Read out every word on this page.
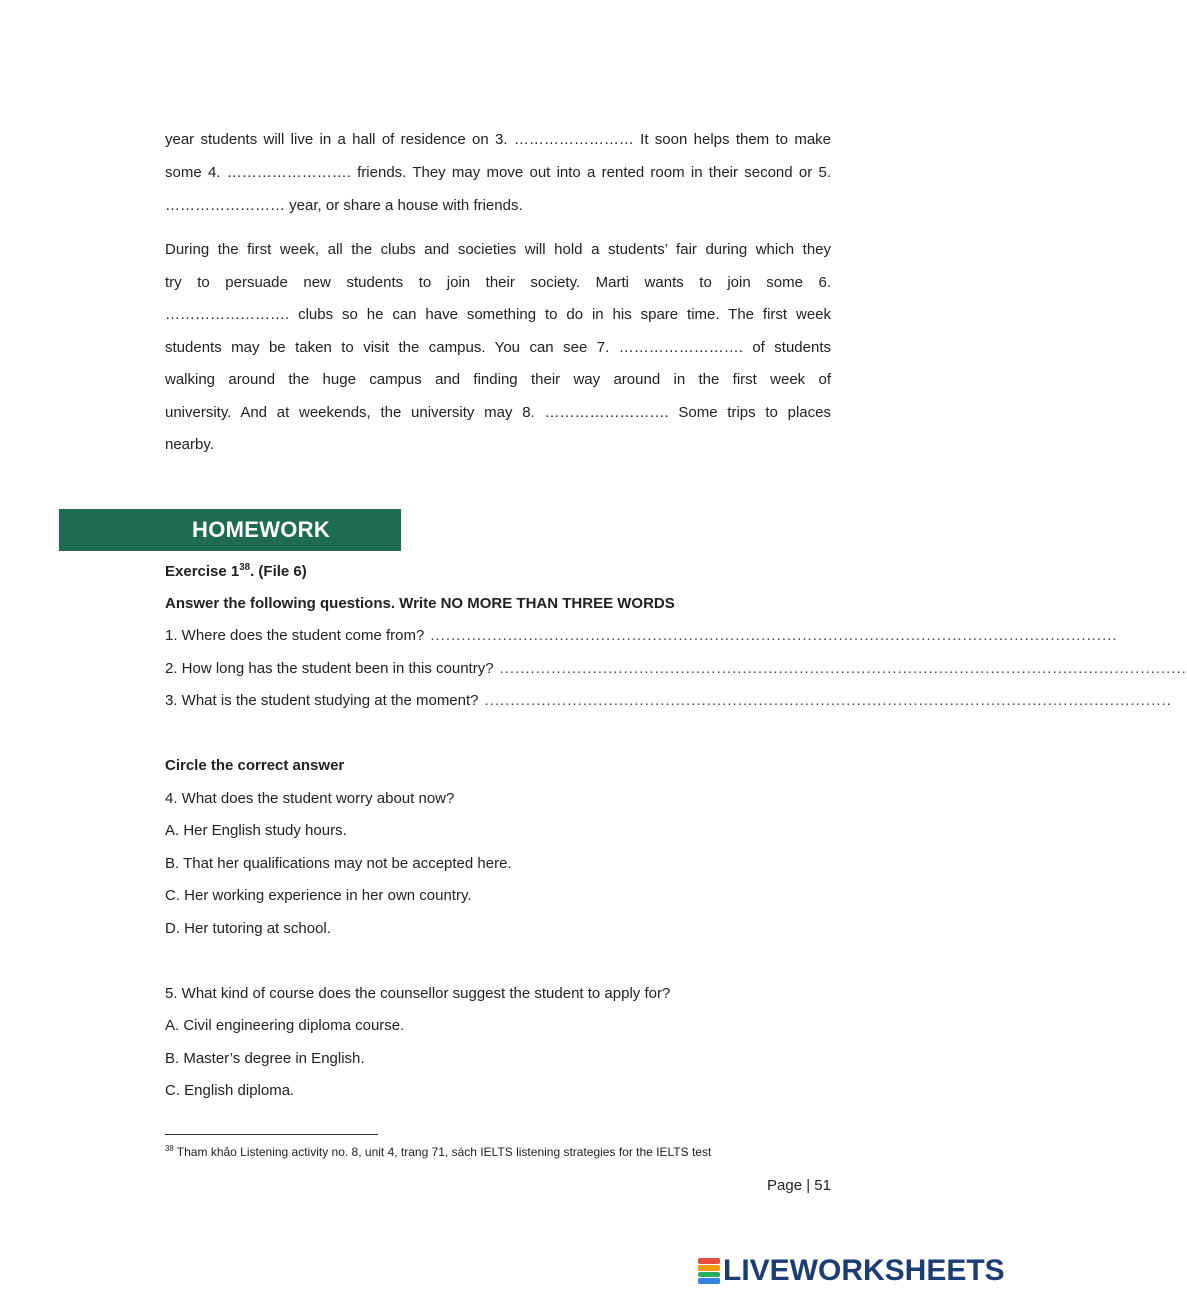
year students will live in a hall of residence on 3. …………………… It soon helps them to make
some 4. ……………………. friends. They may move out into a rented room in their second or 5.
…………………… year, or share a house with friends.
During the first week, all the clubs and societies will hold a students’ fair during which they
try to persuade new students to join their society. Marti wants to join some 6.
……………………. clubs so he can have something to do in his spare time. The first week
students may be taken to visit the campus. You can see 7. ……………………. of students
walking around the huge campus and finding their way around in the first week of
university. And at weekends, the university may 8. ……………………. Some trips to places
nearby.
HOMEWORK
Exercise $1^{38}$. (File 6)
Answer the following questions. Write NO MORE THAN THREE WORDS
1. Where does the student come from? .....................................................................................................................................
2. How long has the student been in this country? .....................................................................................................................................
3. What is the student studying at the moment? .....................................................................................................................................
Circle the correct answer
4. What does the student worry about now?
A. Her English study hours.
B. That her qualifications may not be accepted here.
C. Her working experience in her own country.
D. Her tutoring at school.
5. What kind of course does the counsellor suggest the student to apply for?
A. Civil engineering diploma course.
B. Master’s degree in English.
C. English diploma.
$^{38}$ Tham khảo Listening activity no. 8, unit 4, trang 71, sách IELTS listening strategies for the IELTS test
Page | 51
LIVEWORKSHEETS
